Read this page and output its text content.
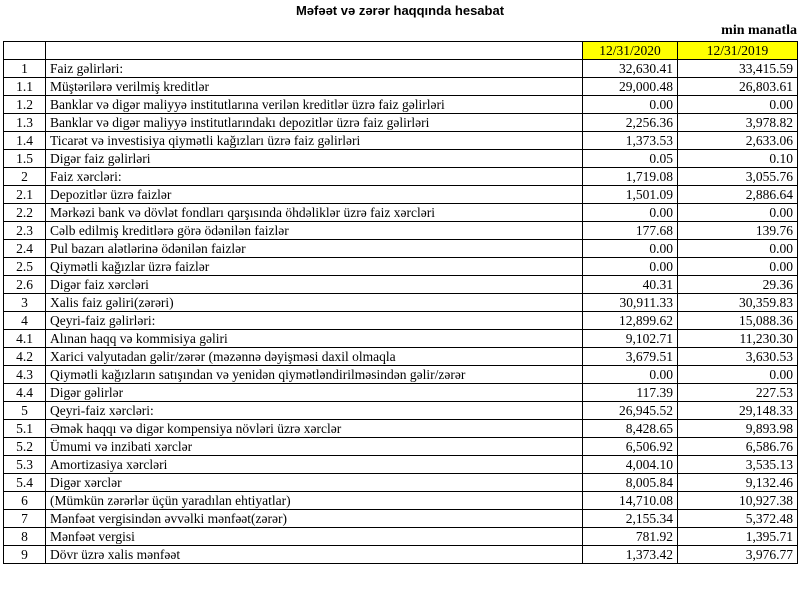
Məfəət və zərər haqqında hesabat
min manatla
		12/31/2020	12/31/2019
1	Faiz gəlirləri:	32,630.41	33,415.59
1.1	Müştərilərə verilmiş kreditlər	29,000.48	26,803.61
1.2	Banklar və digər maliyyə institutlarına verilən kreditlər üzrə faiz gəlirləri	0.00	0.00
1.3	Banklar və digər maliyyə institutlarındakı depozitlər üzrə faiz gəlirləri	2,256.36	3,978.82
1.4	Ticarət və investisiya qiymətli kağızları üzrə faiz gəlirləri	1,373.53	2,633.06
1.5	Digər faiz gəlirləri	0.05	0.10
2	Faiz xərcləri:	1,719.08	3,055.76
2.1	Depozitlər üzrə faizlər	1,501.09	2,886.64
2.2	Mərkəzi bank və dövlət fondları qarşısında öhdəliklər üzrə faiz xərcləri	0.00	0.00
2.3	Cəlb edilmiş kreditlərə görə ödənilən faizlər	177.68	139.76
2.4	Pul bazarı alətlərinə ödənilən faizlər	0.00	0.00
2.5	Qiymətli kağızlar üzrə faizlər	0.00	0.00
2.6	Digər faiz xərcləri	40.31	29.36
3	Xalis faiz gəliri(zərəri)	30,911.33	30,359.83
4	Qeyri-faiz gəlirləri:	12,899.62	15,088.36
4.1	Alınan haqq və kommisiya gəliri	9,102.71	11,230.30
4.2	Xarici valyutadan gəlir/zərər (məzənnə dəyişməsi daxil olmaqla	3,679.51	3,630.53
4.3	Qiymətli kağızların satışından və yenidən qiymətləndirilməsindən gəlir/zərər	0.00	0.00
4.4	Digər gəlirlər	117.39	227.53
5	Qeyri-faiz xərcləri:	26,945.52	29,148.33
5.1	Əmək haqqı və digər kompensiya növləri üzrə xərclər	8,428.65	9,893.98
5.2	Ümumi və inzibati xərclər	6,506.92	6,586.76
5.3	Amortizasiya xərcləri	4,004.10	3,535.13
5.4	Digər xərclər	8,005.84	9,132.46
6	(Mümkün zərərlər üçün yaradılan ehtiyatlar)	14,710.08	10,927.38
7	Mənfəət vergisindən əvvəlki mənfəət(zərər)	2,155.34	5,372.48
8	Mənfəət vergisi	781.92	1,395.71
9	Dövr üzrə xalis mənfəət	1,373.42	3,976.77
